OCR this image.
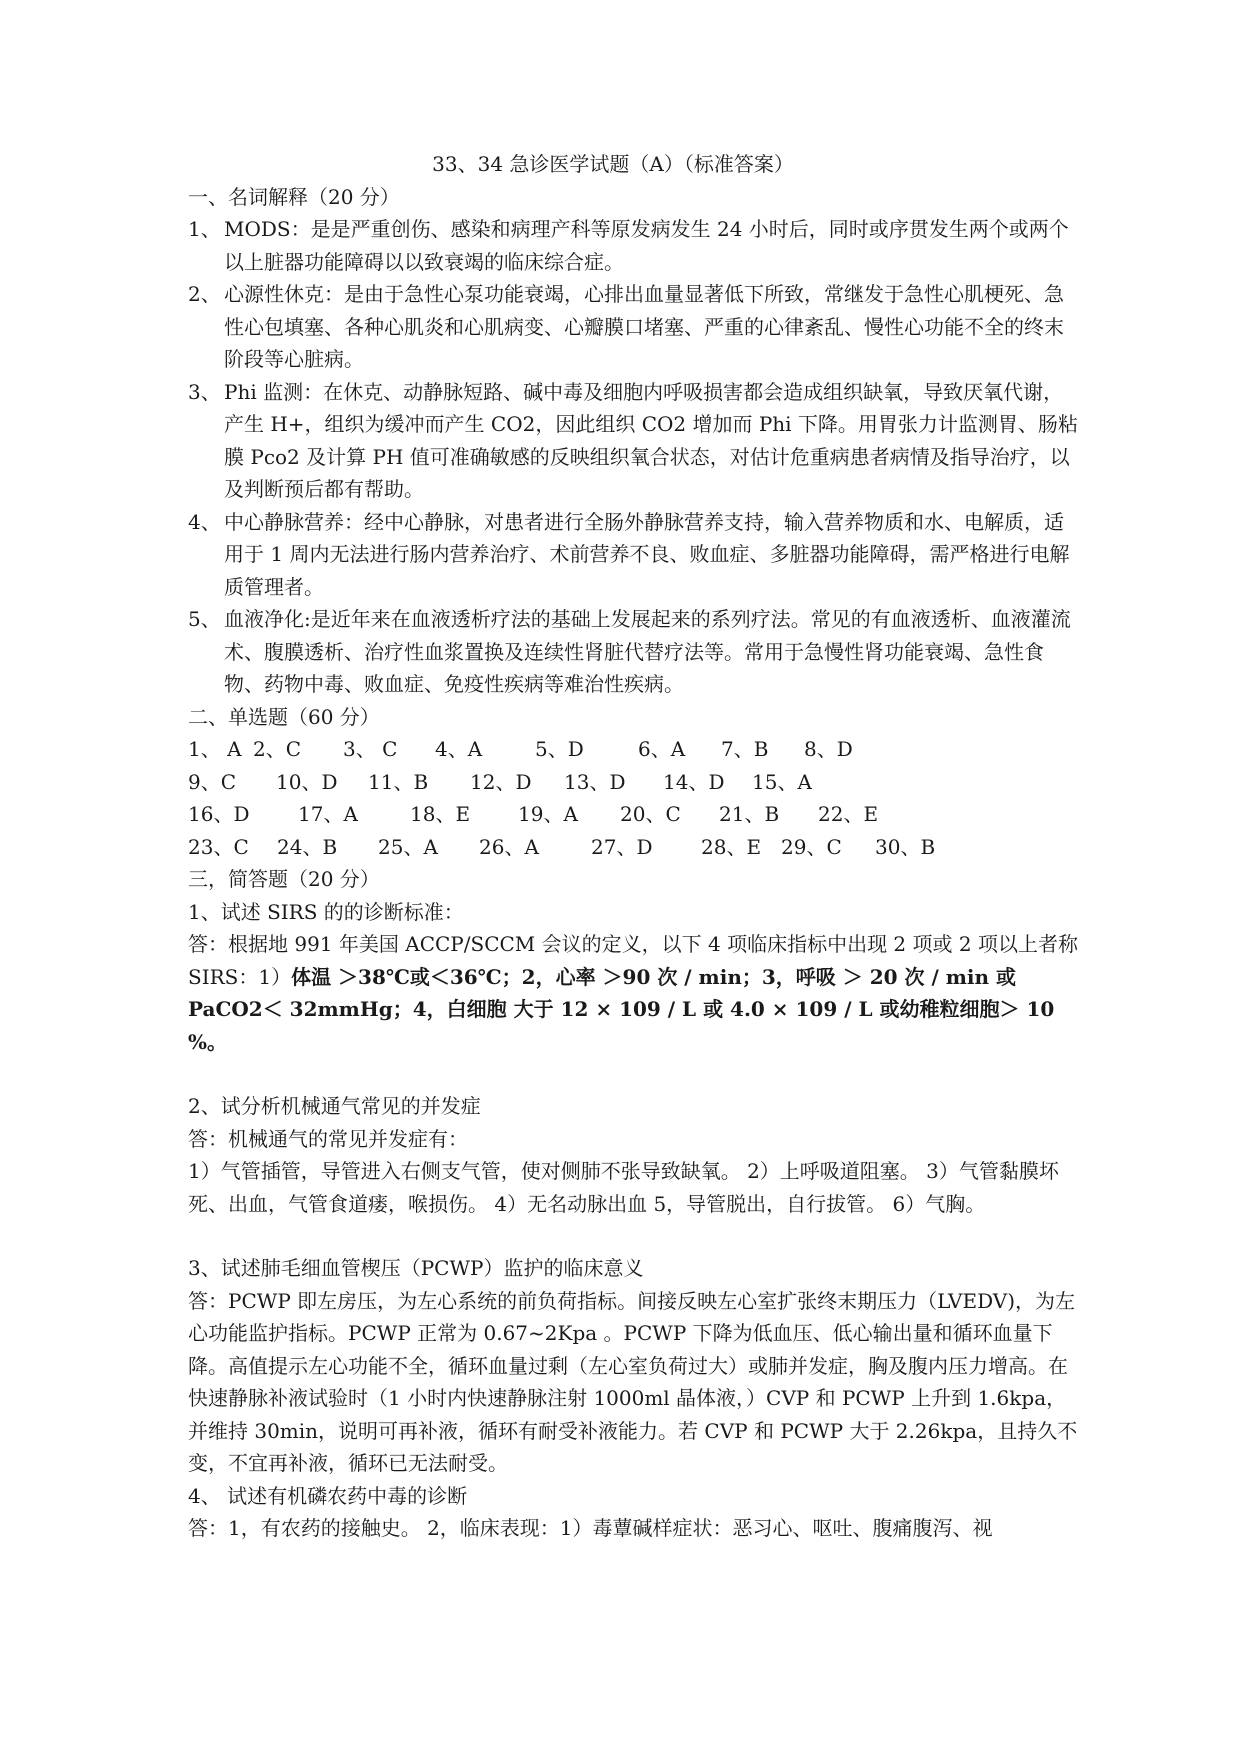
33、34 急诊医学试题（A）（标准答案）

一、名词解释（20 分）

1、 MODS：是是严重创伤、感染和病理产科等原发病发生 24 小时后，同时或序贯发生两个或两个以上脏器功能障碍以以致衰竭的临床综合症。
2、 心源性休克：是由于急性心泵功能衰竭，心排出血量显著低下所致，常继发于急性心肌梗死、急性心包填塞、各种心肌炎和心肌病变、心瓣膜口堵塞、严重的心律紊乱、慢性心功能不全的终末阶段等心脏病。
3、 Phi 监测：在休克、动静脉短路、碱中毒及细胞内呼吸损害都会造成组织缺氧，导致厌氧代谢，产生 H+，组织为缓冲而产生 CO2，因此组织 CO2 增加而 Phi 下降。用胃张力计监测胃、肠粘膜 Pco2 及计算 PH 值可准确敏感的反映组织氧合状态，对估计危重病患者病情及指导治疗，以及判断预后都有帮助。
4、 中心静脉营养：经中心静脉，对患者进行全肠外静脉营养支持，输入营养物质和水、电解质，适用于 1 周内无法进行肠内营养治疗、术前营养不良、败血症、多脏器功能障碍，需严格进行电解质管理者。
5、 血液净化:是近年来在血液透析疗法的基础上发展起来的系列疗法。常见的有血液透析、血液灌流术、腹膜透析、治疗性血浆置换及连续性肾脏代替疗法等。常用于急慢性肾功能衰竭、急性食物、药物中毒、败血症、免疫性疾病等难治性疾病。

二、单选题（60 分）

1、 A 2、C	3、 C	4、A	5、D	6、A	7、B	8、D
9、C	10、D	11、B	12、D	13、D	14、D	15、A
16、D	17、A	18、E	19、A	20、C	21、B	22、E
23、C	24、B	25、A	26、A	27、D	28、E 29、C	30、B

三，简答题（20 分）

1、试述 SIRS 的的诊断标准：

答：根据地 991 年美国 ACCP/SCCM 会议的定义，以下 4 项临床指标中出现 2 项或 2 项以上者称 SIRS：1）体温 ＞38℃或＜36℃；2，心率 ＞90 次 / min；3，呼吸 ＞ 20 次 / min 或 PaCO2＜ 32mmHg；4，白细胞 大于 12 × 109 / L 或 4.0 × 109 / L 或幼稚粒细胞＞ 10 %。

2、试分析机械通气常见的并发症

答：机械通气的常见并发症有：

1）气管插管，导管进入右侧支气管，使对侧肺不张导致缺氧。 2）上呼吸道阻塞。 3）气管黏膜坏死、出血，气管食道瘘，喉损伤。 4）无名动脉出血 5，导管脱出，自行拔管。 6）气胸。

3、试述肺毛细血管楔压（PCWP）监护的临床意义

答：PCWP 即左房压，为左心系统的前负荷指标。间接反映左心室扩张终末期压力（LVEDV)，为左心功能监护指标。PCWP 正常为 0.67~2Kpa 。PCWP 下降为低血压、低心输出量和循环血量下降。高值提示左心功能不全，循环血量过剩（左心室负荷过大）或肺并发症，胸及腹内压力增高。在快速静脉补液试验时（1 小时内快速静脉注射 1000ml 晶体液，）CVP 和 PCWP 上升到 1.6kpa，并维持 30min，说明可再补液，循环有耐受补液能力。若 CVP 和 PCWP 大于 2.26kpa，且持久不变，不宜再补液，循环已无法耐受。

4、 试述有机磷农药中毒的诊断

答：1，有农药的接触史。 2，临床表现：1）毒蕈碱样症状：恶习心、呕吐、腹痛腹泻、视
